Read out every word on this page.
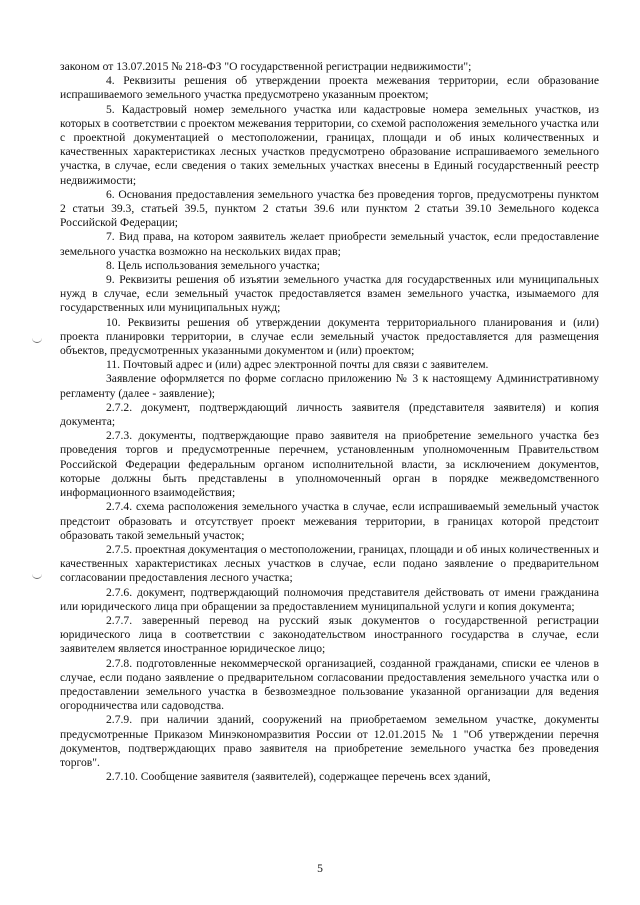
законом от 13.07.2015 № 218-ФЗ "О государственной регистрации недвижимости";

4. Реквизиты решения об утверждении проекта межевания территории, если образование испрашиваемого земельного участка предусмотрено указанным проектом;

5. Кадастровый номер земельного участка или кадастровые номера земельных участков, из которых в соответствии с проектом межевания территории, со схемой расположения земельного участка или с проектной документацией о местоположении, границах, площади и об иных количественных и качественных характеристиках лесных участков предусмотрено образование испрашиваемого земельного участка, в случае, если сведения о таких земельных участках внесены в Единый государственный реестр недвижимости;

6. Основания предоставления земельного участка без проведения торгов, предусмотрены пунктом 2 статьи 39.3, статьей 39.5, пунктом 2 статьи 39.6 или пунктом 2 статьи 39.10 Земельного кодекса Российской Федерации;

7. Вид права, на котором заявитель желает приобрести земельный участок, если предоставление земельного участка возможно на нескольких видах прав;

8. Цель использования земельного участка;

9. Реквизиты решения об изъятии земельного участка для государственных или муниципальных нужд в случае, если земельный участок предоставляется взамен земельного участка, изымаемого для государственных или муниципальных нужд;

10. Реквизиты решения об утверждении документа территориального планирования и (или) проекта планировки территории, в случае если земельный участок предоставляется для размещения объектов, предусмотренных указанными документом и (или) проектом;

11. Почтовый адрес и (или) адрес электронной почты для связи с заявителем.

Заявление оформляется по форме согласно приложению № 3 к настоящему Административному регламенту (далее - заявление);

2.7.2. документ, подтверждающий личность заявителя (представителя заявителя) и копия документа;

2.7.3. документы, подтверждающие право заявителя на приобретение земельного участка без проведения торгов и предусмотренные перечнем, установленным уполномоченным Правительством Российской Федерации федеральным органом исполнительной власти, за исключением документов, которые должны быть представлены в уполномоченный орган в порядке межведомственного информационного взаимодействия;

2.7.4. схема расположения земельного участка в случае, если испрашиваемый земельный участок предстоит образовать и отсутствует проект межевания территории, в границах которой предстоит образовать такой земельный участок;

2.7.5. проектная документация о местоположении, границах, площади и об иных количественных и качественных характеристиках лесных участков в случае, если подано заявление о предварительном согласовании предоставления лесного участка;

2.7.6. документ, подтверждающий полномочия представителя действовать от имени гражданина или юридического лица при обращении за предоставлением муниципальной услуги и копия документа;

2.7.7. заверенный перевод на русский язык документов о государственной регистрации юридического лица в соответствии с законодательством иностранного государства в случае, если заявителем является иностранное юридическое лицо;

2.7.8. подготовленные некоммерческой организацией, созданной гражданами, списки ее членов в случае, если подано заявление о предварительном согласовании предоставления земельного участка или о предоставлении земельного участка в безвозмездное пользование указанной организации для ведения огородничества или садоводства.

2.7.9. при наличии зданий, сооружений на приобретаемом земельном участке, документы предусмотренные Приказом Минэкономразвития России от 12.01.2015 № 1 "Об утверждении перечня документов, подтверждающих право заявителя на приобретение земельного участка без проведения торгов".

2.7.10. Сообщение заявителя (заявителей), содержащее перечень всех зданий,

5
